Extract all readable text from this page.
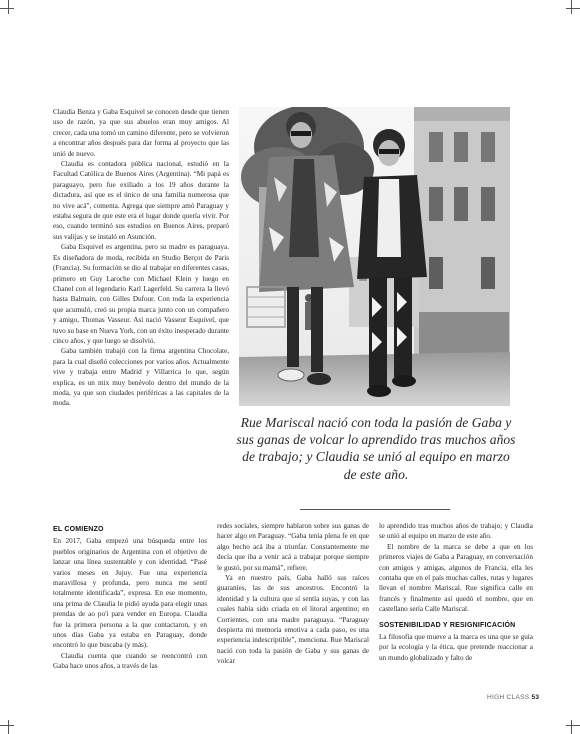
Claudia Benza y Gaba Esquivel se conocen desde que tienen uso de razón, ya que sus abuelos eran muy amigos. Al crecer, cada una tomó un camino diferente, pero se volvieron a encontrar años después para dar forma al proyecto que las unió de nuevo.

Claudia es contadora pública nacional, estudió en la Facultad Católica de Buenos Aires (Argentina). “Mi papá es paraguayo, pero fue exiliado a los 19 años durante la dictadura, así que es el único de una familia numerosa que no vive acá”, comenta. Agrega que siempre amó Paraguay y estaba segura de que este era el lugar donde quería vivir. Por eso, cuando terminó sus estudios en Buenos Aires, preparó sus valijas y se instaló en Asunción.

Gaba Esquivel es argentina, pero su madre es paraguaya. Es diseñadora de moda, recibida en Studio Berçot de Paris (Francia). Su formación se dio al trabajar en diferentes casas, primero en Guy Laroche con Michael Klein y luego en Chanel con el legendario Karl Lagerfeld. Su carrera la llevó hasta Balmain, con Gilles Dufour. Con toda la experiencia que acumuló, creó su propia marca junto con un compañero y amigo, Thomas Vasseur. Así nació Vasseur Esquivel, que tuvo su base en Nueva York, con un éxito inesperado durante cinco años, y que luego se disolvió.

Gaba también trabajó con la firma argentina Chocolate, para la cual diseñó colecciones por varios años. Actualmente vive y trabaja entre Madrid y Villarrica lo que, según explica, es un mix muy benévolo dentro del mundo de la moda, ya que son ciudades periféricas a las capitales de la moda.

Rue Mariscal nació con toda la pasión de Gaba y sus ganas de volcar lo aprendido tras muchos años de trabajo; y Claudia se unió al equipo en marzo de este año.
EL COMIENZO

En 2017, Gaba empezó una búsqueda entre los pueblos originarios de Argentina con el objetivo de lanzar una línea sustentable y con identidad. “Pasé varios meses en Jujuy. Fue una experiencia maravillosa y profunda, pero nunca me sentí totalmente identificada”, expresa. En ese momento, una prima de Claudia le pidió ayuda para elegir unas prendas de ao po'i para vender en Europa. Claudia fue la primera persona a la que contactaron, y en unos días Gaba ya estaba en Paraguay, donde encontró lo que buscaba (y más).

Claudia cuenta que cuando se reencontró con Gaba hace unos años, a través de las

redes sociales, siempre hablaron sobre sus ganas de hacer algo en Paraguay. “Gaba tenía plena fe en que algo hecho acá iba a triunfar. Constantemente me decía que iba a venir acá a trabajar porque siempre le gustó, por su mamá”, refiere.

Ya en nuestro país, Gaba halló sus raíces guaraníes, las de sus ancestros. Encontró la identidad y la cultura que sí sentía suyas, y con las cuales había sido criada en el litoral argentino; en Corrientes, con una madre paraguaya. “Paraguay despierta mi memoria emotiva a cada paso, es una experiencia indescriptible”, menciona. Rue Mariscal nació con toda la pasión de Gaba y sus ganas de volcar

lo aprendido tras muchos años de trabajo; y Claudia se unió al equipo en marzo de este año.

El nombre de la marca se debe a que en los primeros viajes de Gaba a Paraguay, en conversación con amigos y amigas, algunos de Francia, ella les contaba que en el país muchas calles, rutas y lugares llevan el nombre Mariscal. Rue significa calle en francés y finalmente así quedó el nombre, que en castellano sería Calle Mariscal.

SOSTENIBILIDAD Y RESIGNIFICACIÓN

La filosofía que mueve a la marca es una que se guía por la ecología y la ética, que pretende reaccionar a un mundo globalizado y falto de

HIGH CLASS 53
